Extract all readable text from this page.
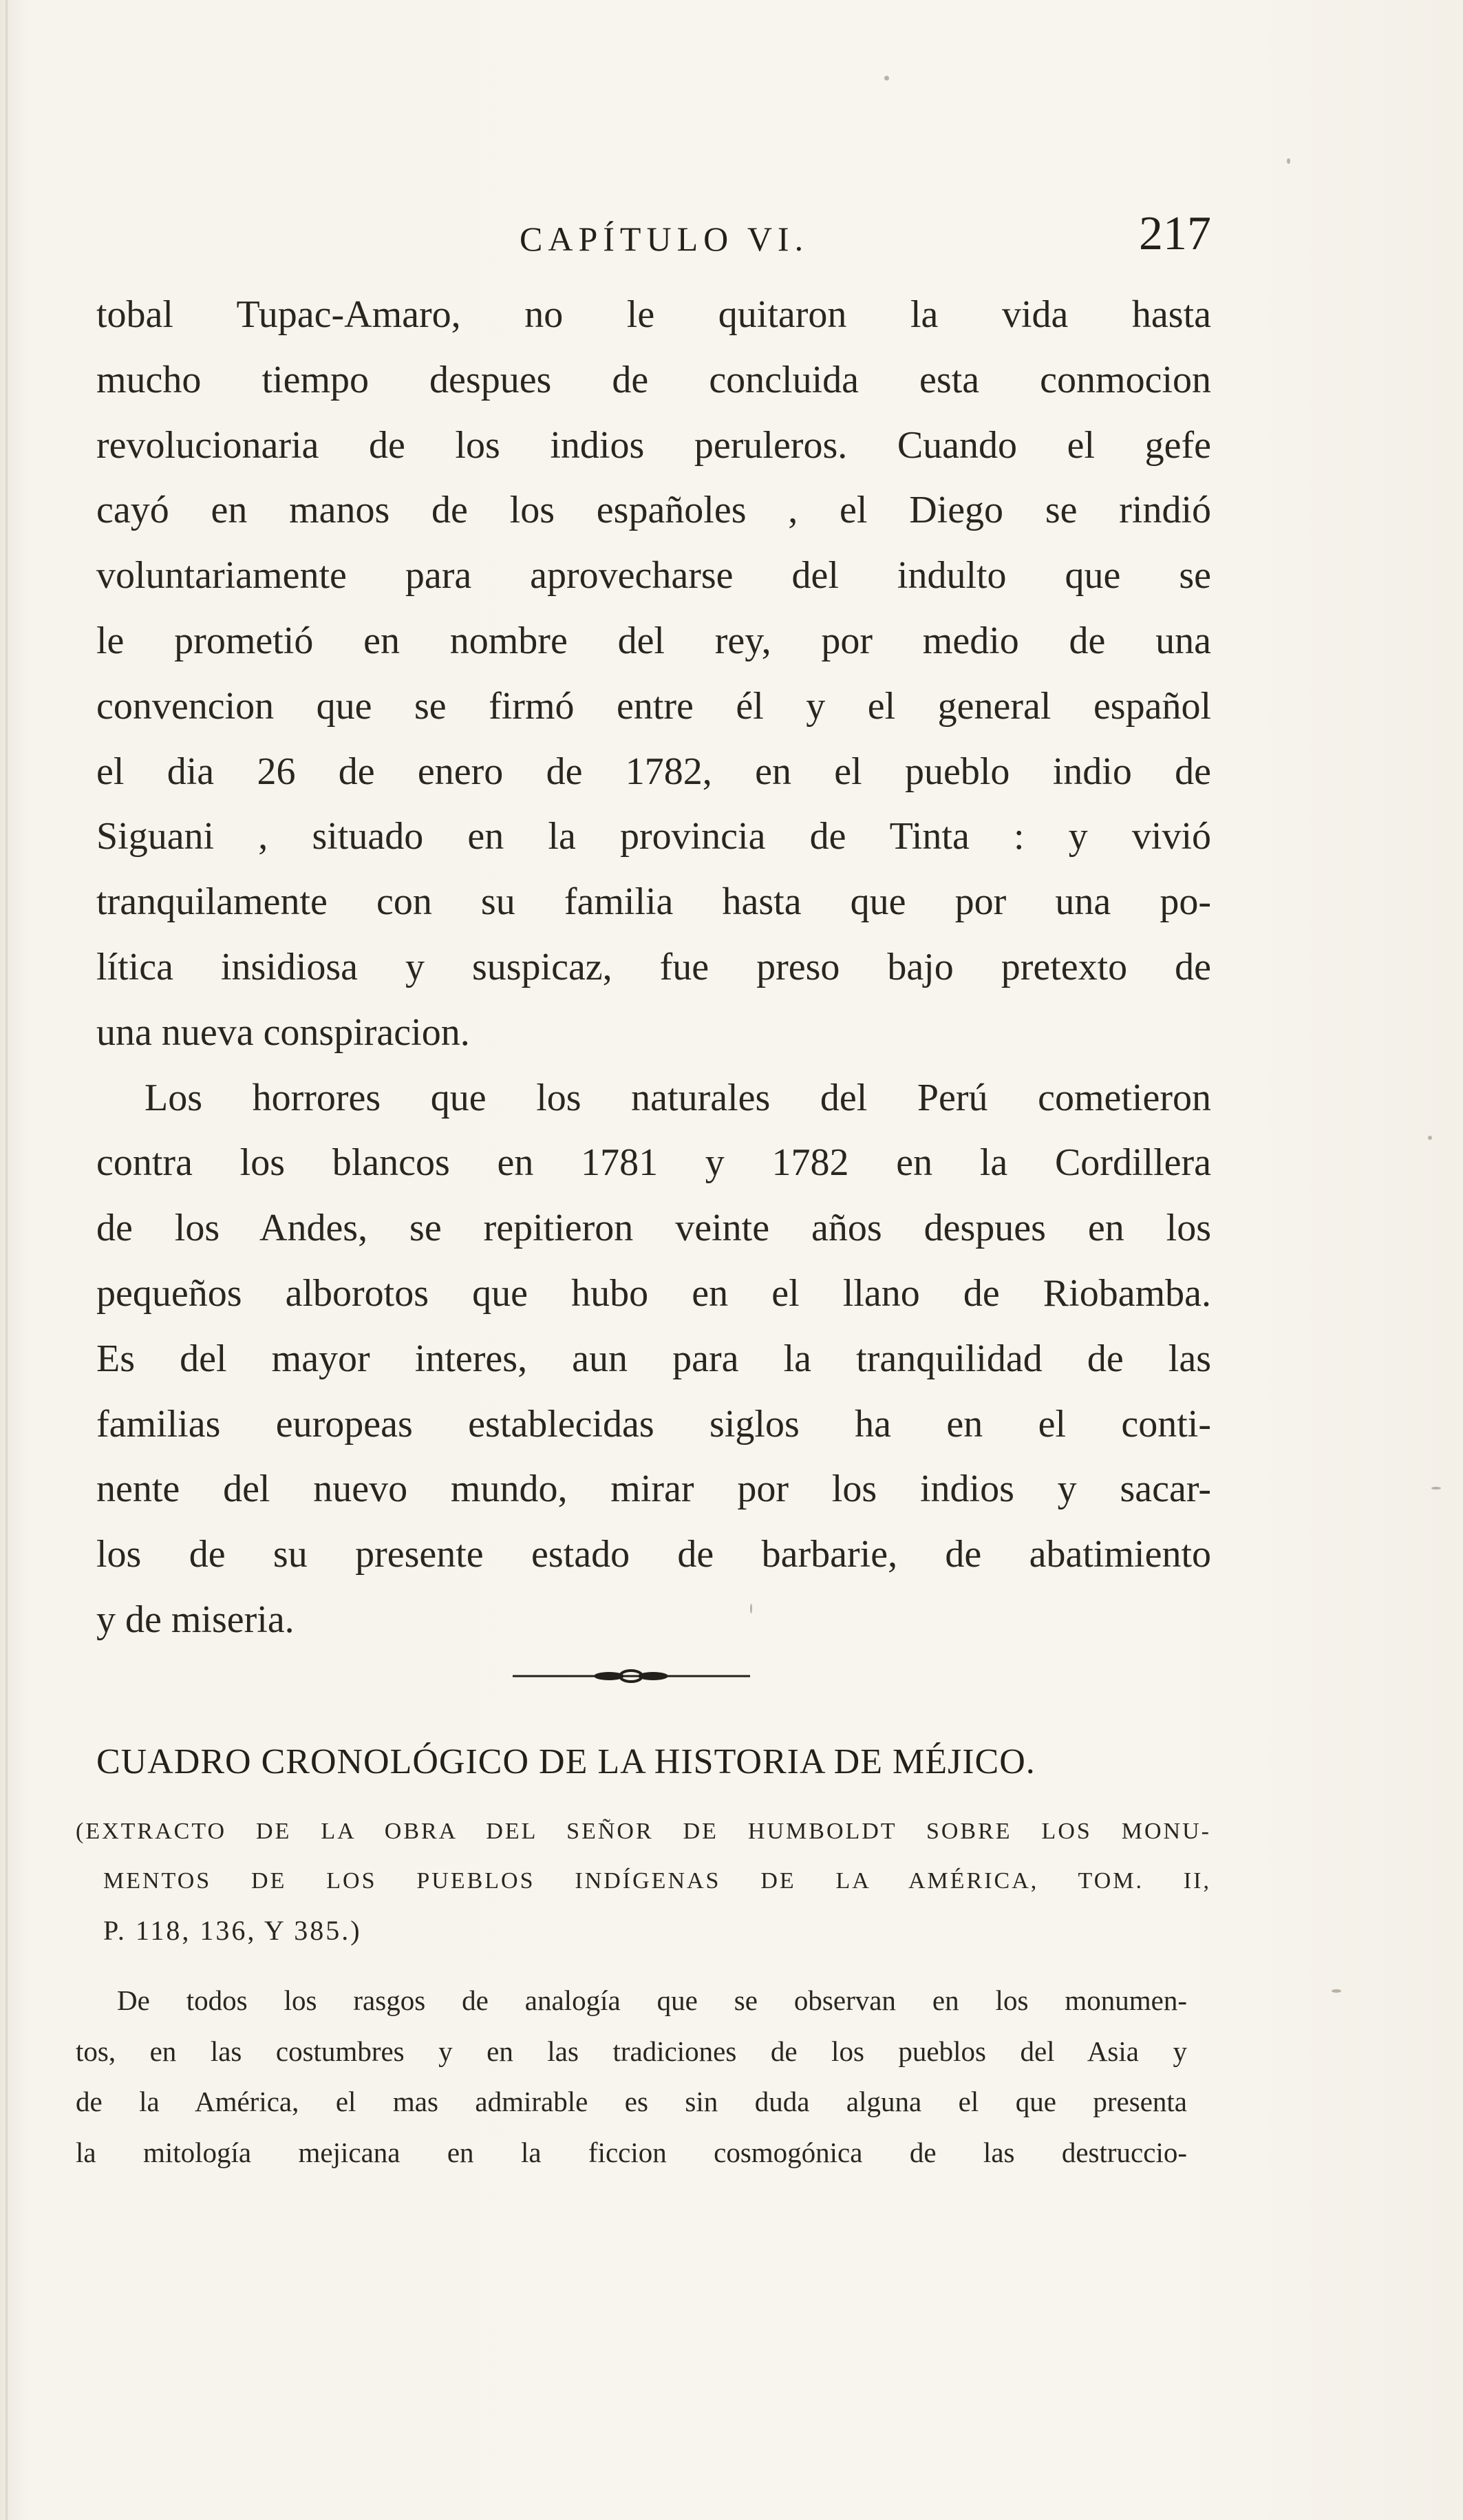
CAPÍTULO VI.	217

tobal Tupac-Amaro, no le quitaron la vida hasta

mucho tiempo despues de concluida esta conmocion

revolucionaria de los indios peruleros. Cuando el gefe

cayó en manos de los españoles , el Diego se rindió

voluntariamente para aprovecharse del indulto que se

le prometió en nombre del rey, por medio de una

convencion que se firmó entre él y el general español

el dia 26 de enero de 1782, en el pueblo indio de

Siguani , situado en la provincia de Tinta : y vivió

tranquilamente con su familia hasta que por una po-

lítica insidiosa y suspicaz, fue preso bajo pretexto de

una nueva conspiracion.

Los horrores que los naturales del Perú cometieron

contra los blancos en 1781 y 1782 en la Cordillera

de los Andes, se repitieron veinte años despues en los

pequeños alborotos que hubo en el llano de Riobamba.

Es del mayor interes, aun para la tranquilidad de las

familias europeas establecidas siglos ha en el conti-

nente del nuevo mundo, mirar por los indios y sacar-

los de su presente estado de barbarie, de abatimiento

y de miseria.

CUADRO CRONOLÓGICO DE LA HISTORIA DE MÉJICO.

(EXTRACTO DE LA OBRA DEL SEÑOR DE HUMBOLDT SOBRE LOS MONU-

MENTOS DE LOS PUEBLOS INDÍGENAS DE LA AMÉRICA, TOM. II,

P. 118, 136, Y 385.)

De todos los rasgos de analogía que se observan en los monumen-

tos, en las costumbres y en las tradiciones de los pueblos del Asia y

de la América, el mas admirable es sin duda alguna el que presenta

la mitología mejicana en la ficcion cosmogónica de las destruccio-
